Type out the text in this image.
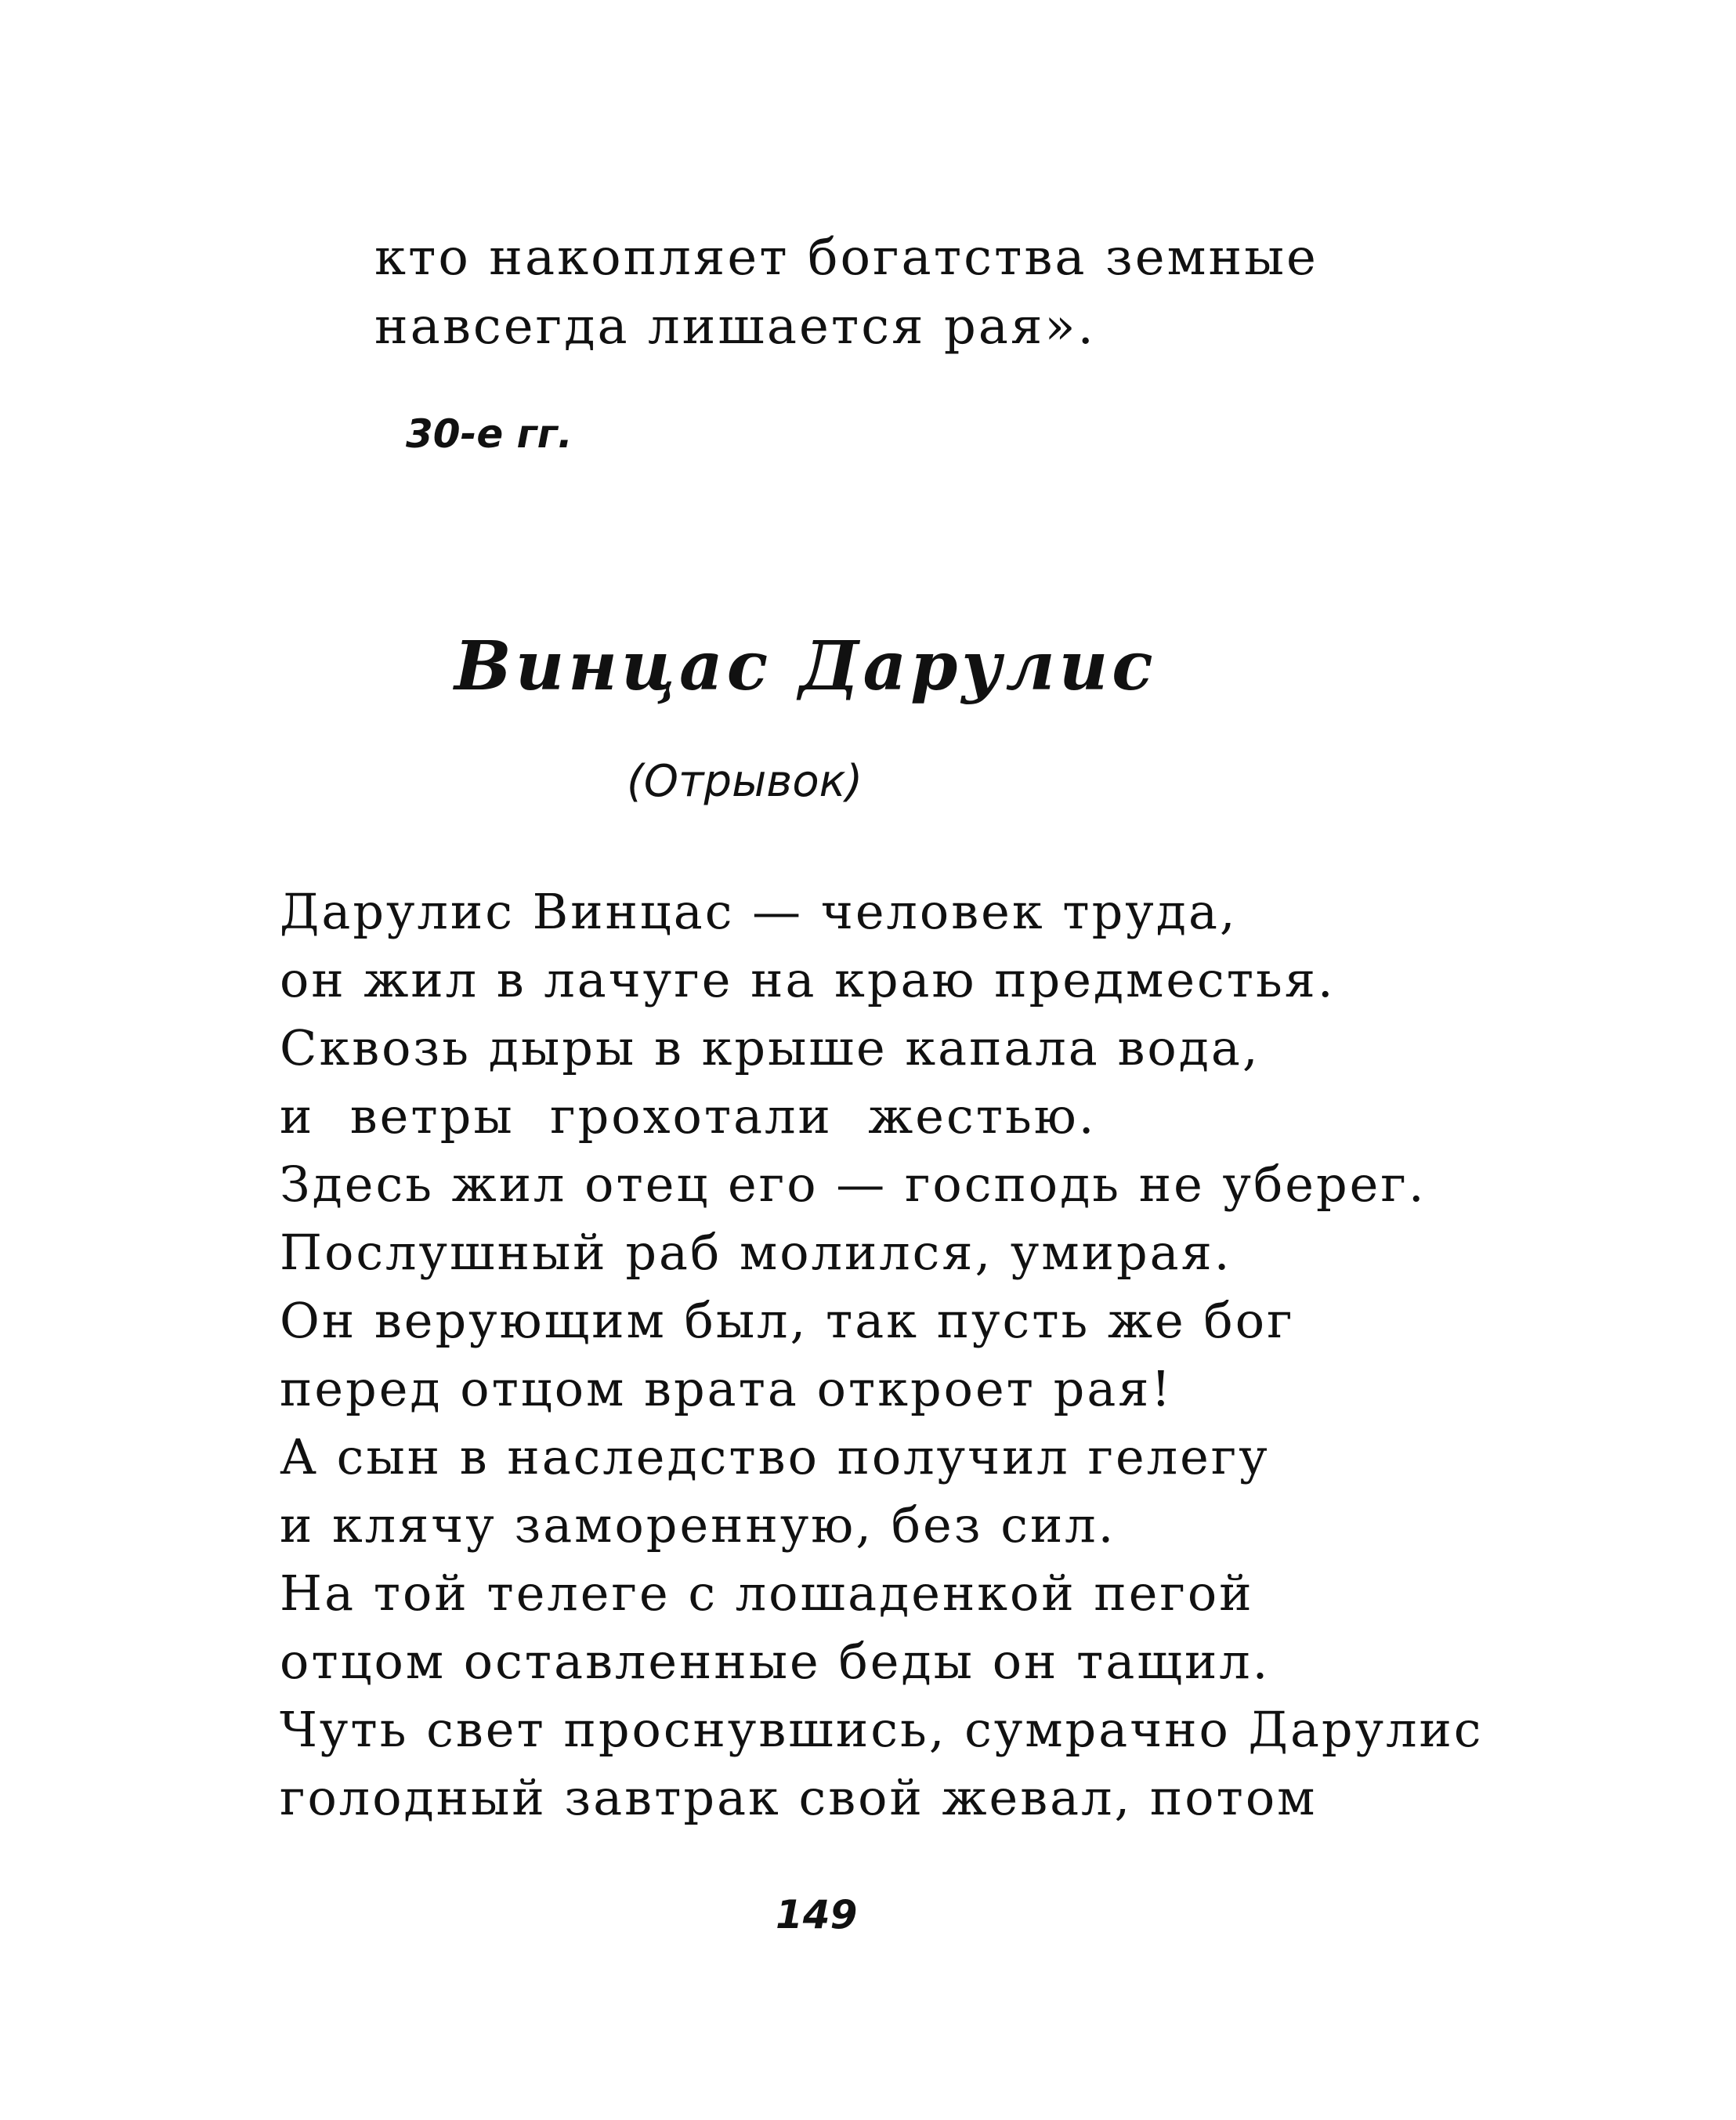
кто накопляет богатства земные
навсегда лишается рая».
30-е гг.
Винцас Дарулис
(Отрывок)
Дарулис Винцас — человек труда,
он жил в лачуге на краю предместья.
Сквозь дыры в крыше капала вода,
и  ветры  грохотали  жестью.
Здесь жил отец его — господь не уберег.
Послушный раб молился, умирая.
Он верующим был, так пусть же бог
перед отцом врата откроет рая!
А сын в наследство получил гелегу
и клячу заморенную, без сил.
На той телеге с лошаденкой пегой
отцом оставленные беды он тащил.
Чуть свет проснувшись, сумрачно Дарулис
голодный завтрак свой жевал, потом
149
